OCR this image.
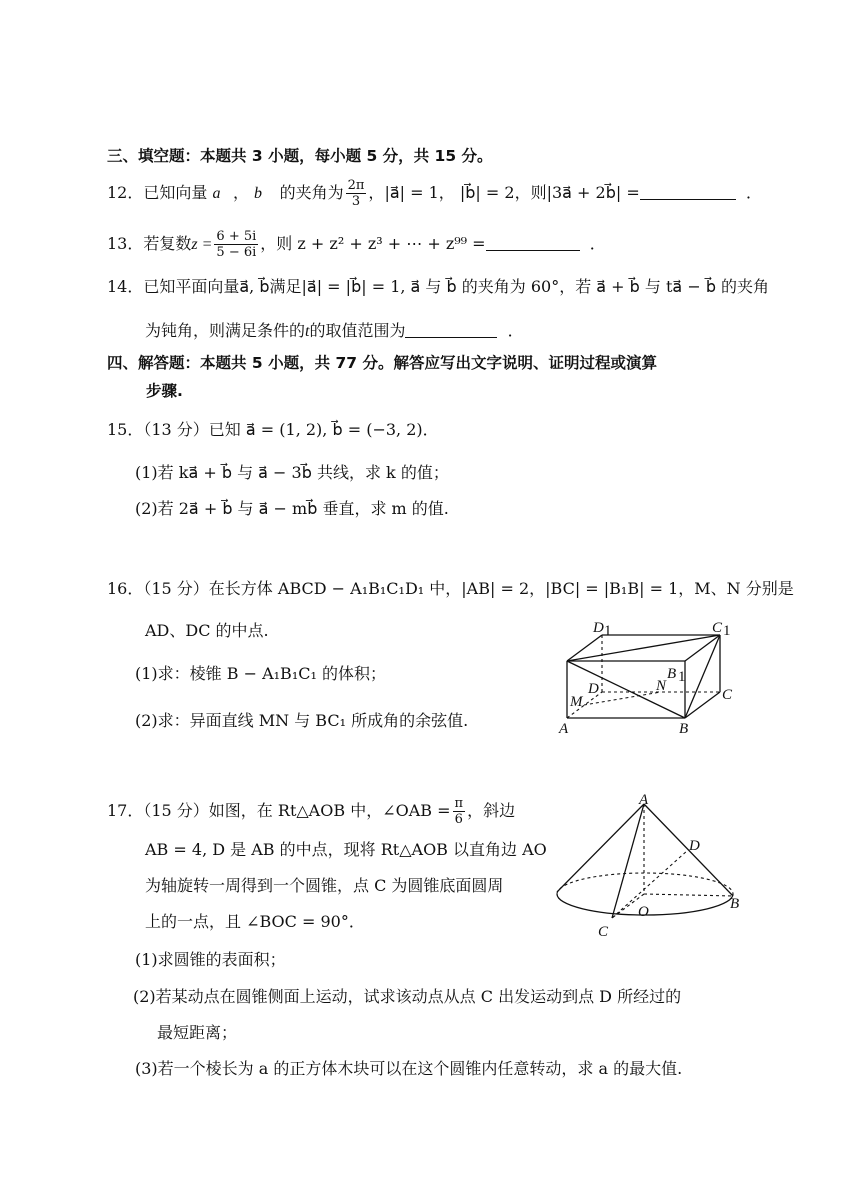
三、填空题：本题共 3 小题，每小题 5 分，共 15 分。
12．已知向量 a⃗， b⃗ 的夹角为 $\frac{2\pi}{3}$ ，|a⃗| = 1， |b⃗| = 2，则|3a⃗ + 2b⃗| =	．
13．若复数$z = \frac{6 + 5i}{5 - 6i}$ ，则 z + z² + z³ + ⋯ + z⁹⁹ =	．
14．已知平面向量a⃗, b⃗满足|a⃗| = |b⃗| = 1, a⃗ 与 b⃗ 的夹角为 60°，若 a⃗ + b⃗ 与 ta⃗ − b⃗ 的夹角
为钝角，则满足条件的t的取值范围为	．
四、解答题：本题共 5 小题，共 77 分。解答应写出文字说明、证明过程或演算
步骤.
15．（13 分）已知 a⃗ = (1, 2), b⃗ = (−3, 2)．
(1)若 ka⃗ + b⃗ 与 a⃗ − 3b⃗ 共线，求 k 的值；
(2)若 2a⃗ + b⃗ 与 a⃗ − mb⃗ 垂直，求 m 的值.
16．（15 分）在长方体 ABCD − A₁B₁C₁D₁ 中，|AB| = 2，|BC| = |B₁B| = 1，M、N 分别是
AD、DC 的中点.
(1)求：棱锥 B − A₁B₁C₁ 的体积；
(2)求：异面直线 MN 与 BC₁ 所成角的余弦值.
D 1	C 1
B 1
D	N
M	C
A	B
17．（15 分）如图，在 Rt△AOB 中，∠OAB = $\frac{\pi}{6}$ ，斜边
AB = 4, D 是 AB 的中点，现将 Rt△AOB 以直角边 AO
为轴旋转一周得到一个圆锥，点 C 为圆锥底面圆周
上的一点，且 ∠BOC = 90°．
(1)求圆锥的表面积；
(2)若某动点在圆锥侧面上运动，试求该动点从点 C 出发运动到点 D 所经过的
最短距离；
(3)若一个棱长为 a 的正方体木块可以在这个圆锥内任意转动，求 a 的最大值.
A
D
O	B
C
